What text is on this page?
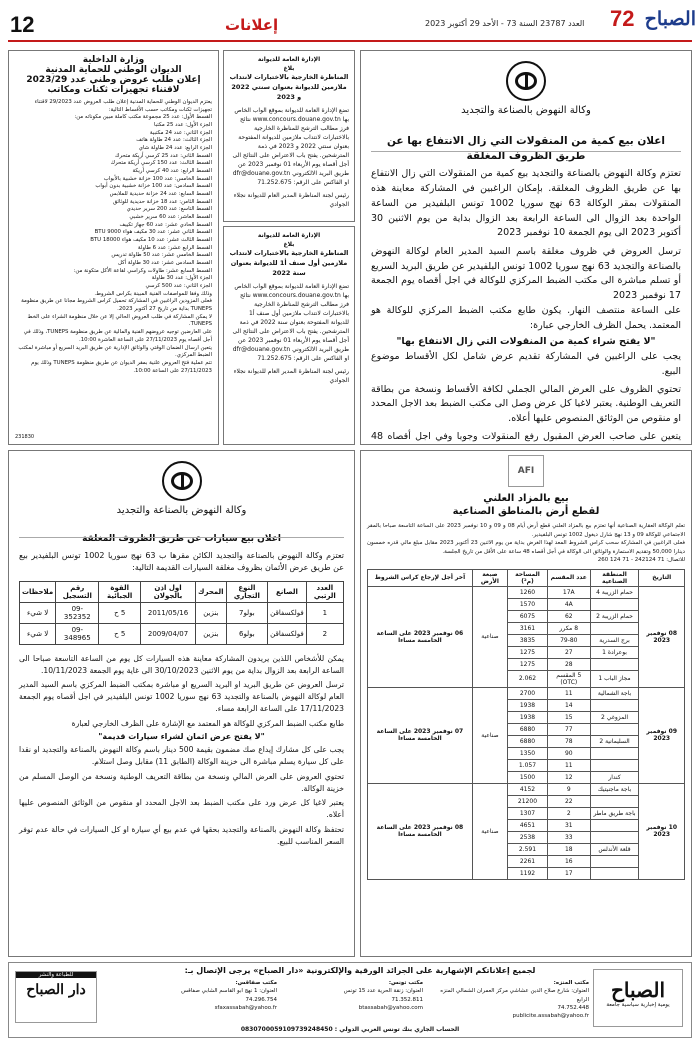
12	إعلانات	العدد 23787 السنة 73 - الأحد 29 أكتوبر 2023 72 الصباح
وكالة النهوض بالصناعة والتجديد
اعلان بيع كمية من المنقولات التي زال الانتفاع بها عن طريق الظروف المغلقة

تعتزم وكالة النهوض بالصناعة والتجديد بيع كمية من المنقولات التي زال الانتفاع بها عن طريق الظروف المغلقة. بإمكان الراغبين في المشاركة معاينة هذه المنقولات بمقر الوكالة 63 نهج سوريا 1002 تونس البلفيدير من الساعة الواحدة بعد الزوال الى الساعة الرابعة بعد الزوال بداية من يوم الاثنين 30 أكتوبر 2023 الى يوم الجمعة 10 نوفمبر 2023

ترسل العروض في ظروف مغلقة باسم السيد المدير العام لوكالة النهوض بالصناعة والتجديد 63 نهج سوريا 1002 تونس البلفيدير عن طريق البريد السريع أو تسلم مباشرة الى مكتب الضبط المركزي للوكالة في اجل أقصاه يوم الجمعة 17 نوفمبر 2023

على الساعة منتصف النهار. يكون طابع مكتب الضبط المركزي للوكالة هو المعتمد. يحمل الظرف الخارجي عبارة:

"لا يفتح شراء كمية من المنقولات التي زال الانتفاع بها"

يجب على الراغبين في المشاركة تقديم عرض شامل لكل الأقساط موضوع البيع.

تحتوي الظروف على العرض المالي الجملي لكافة الأقساط ونسخة من بطاقة التعريف الوطنية. يعتبر لاغيا كل عرض وصل الى مكتب الضبط بعد الاجل المحدد او منقوص من الوثائق المنصوص عليها أعلاه.

يتعين على صاحب العرض المقبول رفع المنقولات وجوبا وفي اجل أقصاه 48

الإدارة العامة للديوانة
بلاغ
المناظرة الخارجية بالاختبارات لانتداب ملازمين للديوانة بعنوان سنتي 2022 و 2023

تضع الإدارة العامة للديوانة بموقع الواب الخاص بها www.concours.douane.gov.tn نتائج فرز مطالب الترشح للمناظرة الخارجية بالاختبارات لانتداب ملازمين للديوانة المفتوحة بعنوان سنتي 2022 و 2023 في ذمة المترشحين. يفتح باب الاعتراض على النتائج الى أجل أقصاه يوم الأربعاء 01 نوفمبر 2023 عن طريق البريد الالكتروني dfr@douane.gov.tn او الفاكس على الرقم: 71.252.675

رئيس لجنة المناظرة المدير العام للديوانة نجلاء الجوادي

الإدارة العامة للديوانة
بلاغ
المناظرة الخارجية بالاختبارات لانتداب ملازمين أول صنف أ1 للديوانة بعنوان سنة 2022

تضع الإدارة العامة للديوانة بموقع الواب الخاص بها www.concours.douane.gov.tn نتائج فرز مطالب الترشح للمناظرة الخارجية بالاختبارات لانتداب ملازمين أول صنف أ1 للديوانة المفتوحة بعنوان سنة 2022 في ذمة المترشحين. يفتح باب الاعتراض على النتائج الى أجل أقصاه يوم الأربعاء 01 نوفمبر 2023 عن طريق البريد الالكتروني dfr@douane.gov.tn او الفاكس على الرقم: 71.252.675

رئيس لجنة المناظرة المدير العام للديوانة نجلاء الجوادي

وزارة الداخلية
الديوان الوطني للحماية المدنية
إعلان طلب عروض وطني عدد 2023/29
لاقتناء تجهيزات ثكنات ومكاتب
يعتزم الديوان الوطني للحماية المدنية إعلان طلب العروض عدد 29/2023 لاقتناء تجهيزات ثكنات ومكاتب حسب الأقساط التالية:
القسط الأول: عدد 25 مجموعة مكتب كاملة مبين مكوناته من:
الجزء الأول: عدد 25 مكتبا
الجزء الثاني: عدد 24 مكتبية
الجزء الثالث: عدد 24 طاولة هاتف
الجزء الرابع: عدد 24 طاولة شاي
القسط الثاني: عدد 25 كرسي أريكة متحرك
القسط الثالث: عدد 150 كرسي أريكة متحرك
القسط الرابع: عدد 40 كرسي أريكة
القسط الخامس: عدد 100 خزانة خشبية بالأبواب
القسط السادس: عدد 100 خزانة خشبية بدون أبواب
القسط السابع: عدد 24 خزانة حديدية للملابس
القسط الثامن: عدد 18 خزانة حديدية للوثائق
القسط التاسع: عدد 200 سرير حديدي
القسط العاشر: عدد 60 سرير خشبي
القسط الحادي عشر: عدد 60 جهاز تكييف
القسط الثاني عشر: عدد 30 مكيف هواء 9000 BTU
القسط الثالث عشر: عدد 10 مكيف هواء 18000 BTU
القسط الرابع عشر: عدد 6 طاولة
القسط الخامس عشر: عدد 50 طاولة تدريس
القسط السادس عشر: عدد 30 طاولة أكل
القسط السابع عشر: طاولات وكراسي لقاعة الأكل متكونة من:
الجزء الأول: عدد 30 طاولة
الجزء الثاني: عدد 500 كرسي
وذلك وفقا للمواصفات الفنية المبينة بكراس الشروط.
فعلى المزودين الراغبين في المشاركة تحميل كراس الشروط مجانا عن طريق منظومة TUNEPS بداية من تاريخ 27 أكتوبر 2023.
لا يمكن المشاركة في طلب العروض الحالي إلا عن خلال منظومة الشراء على الخط TUNEPS.
على العارضين توجيه عروضهم الفنية والمالية عن طريق منظومة TUNEPS، وذلك في أجل أقصاه يوم 27/11/2023 على الساعة العاشرة 10:00.
يتعين ارسال الضمان الوقتي والوثائق الإدارية عن طريق البريد السريع أو مباشرة لمكتب الضبط المركزي.
تتم عملية فتح العروض علنية بمقر الديوان عن طريق منظومة TUNEPS وذلك يوم 27/11/2023 على الساعة 10:00.
231830
AFI
بيع بالمزاد العلني
لقطع أرض بالمناطق الصناعية

تعلم الوكالة العقارية الصناعية أنها تعتزم بيع بالمزاد العلني قطع أرض أيام 08 و 09 و 10 نوفمبر 2023 على الساعة التاسعة صباحا بالمقر الاجتماعي للوكالة 09 و 13 نهج شارل ديغول 1002 تونس البلفيدير.

فعلى الراغبين في المشاركة سحب كراس الشروط المعد لهذا الغرض بداية من يوم الاثنين 23 أكتوبر 2023 مقابل مبلغ مالي قدره خمسون دينارا 50,000 وتقديم الاستمارة والوثائق الى الوكالة في أجل أقصاه 48 ساعة على الأقل من تاريخ الجلسة.

للاتصال: 71 242124 - 71 124 260

التاريخ	المنطقة الصناعية	عدد المقسم	المساحة (م²)	صبغة الأرض	آخر أجل لإرجاع كراس الشروط
08 نوفمبر 2023	حمام الزريبة 4	17A	1260	صناعية	06 نوفمبر 2023 على الساعة الخامسة مساءا
		4A	1570		
	حمام الزريبة 2	62	6075		
		8 مكرر	3161		
	برج السدرية	79-80	3835		
	بوعرادة 1	27	1275		
		28	1275		
	مجاز الباب 1	5 المقسم (OTC)	2.062		
09 نوفمبر 2023	باجة الشمالية	11	2700	صناعية	07 نوفمبر 2023 على الساعة الخامسة مساءا
		14	1938		
	المزوغي 2	15	1938		
		77	6880		
	السليمانية 2	78	6880		
		90	1350		
		11	1.057		
	كندار	12	1500		
10 نوفمبر 2023	باجة ماجنيتيك	9	4152	صناعية	08 نوفمبر 2023 على الساعة الخامسة مساءا
		22	21200		
	باجة طريق ماطر	2	1307		
		31	4651		
		33	2538		
	قلعة الأندلس	18	2.591		
		16	2261		
		17	1192		
وكالة النهوض بالصناعة والتجديد
اعلان بيع سيارات عن طريق الظروف المغلقة

تعتزم وكالة النهوض بالصناعة والتجديد الكائن مقرها ب 63 نهج سوريا 1002 تونس البلفيدير بيع عن طريق عرض الأثمان بظروف مغلقة السيارات القديمة التالية:

العدد الرتبي	الصانع	النوع التجاري	المحرك	اول اذن بالجولان	القوة الجبائية	رقم التسجيل	ملاحظات
1	فولكسفاقن	بولو7	بنزين	2011/05/16	5 ح	09-352352	لا شيء
2	فولكسفاقن	بولو6	بنزين	2009/04/07	5 ح	09-348965	لا شيء

يمكن للأشخاص اللذين يريدون المشاركة معاينة هذه السيارات كل يوم من الساعة التاسعة صباحا الى الساعة الرابعة بعد الزوال بداية من يوم الاثنين 30/10/2023 الى غاية يوم الجمعة 10/11/2023.

ترسل العروض عن طريق البريد او البريد السريع او مباشرة بمكتب الضبط المركزي باسم السيد المدير العام لوكالة النهوض بالصناعة والتجديد 63 نهج سوريا 1002 تونس البلفيدير في اجل أقصاه يوم الجمعة 17/11/2023 على الساعة الرابعة مساء.

طابع مكتب الضبط المركزي للوكالة هو المعتمد مع الإشارة على الظرف الخارجي لعبارة

"لا يفتح عرض اثمان لشراء سيارات قديمة"

يجب على كل مشارك إيداع صك مضمون بقيمة 500 دينار باسم وكالة النهوض بالصناعة والتجديد او نقدا على كل سيارة يسلم مباشرة الى خزينة الوكالة (الطابق 11) مقابل وصل استلام.

تحتوي العروض على العرض المالي ونسخة من بطاقة التعريف الوطنية ونسخة من الوصل المسلم من خزينة الوكالة.

يعتبر لاغيا كل عرض ورد على مكتب الضبط بعد الاجل المحدد او منقوص من الوثائق المنصوص عليها أعلاه.

تحتفظ وكالة النهوض بالصناعة والتجديد بحقها في عدم بيع أي سيارة او كل السيارات في حالة عدم توفر السعر المناسب للبيع.

لجميع إعلاناتكم الإشهارية على الجرائد الورقية والإلكترونية «دار الصباح» يرجى الإتصال بـ:
الصباح
يومية إخبارية سياسية جامعة
للطباعة والنشر
دار الصباح	مكتب المنزه:
العنوان: شارع صلاح الدين عشاشي مركز العمران الشمالي المنزه الرابع
74.752.448
publicite.assabah@yahoo.fr
مكتب تونس:
العنوان: زنقة الحرية عدد 15 تونس
71.352.811
btassabah@yahoo.com
مكتب صفاقس:
العنوان: 1 نهج ابو القاسم الشابي صفاقس
74.296.754
sfaxassabah@yahoo.fr
الحساب الجاري بنك تونس العربي الدولي : 0830700059109739248450
